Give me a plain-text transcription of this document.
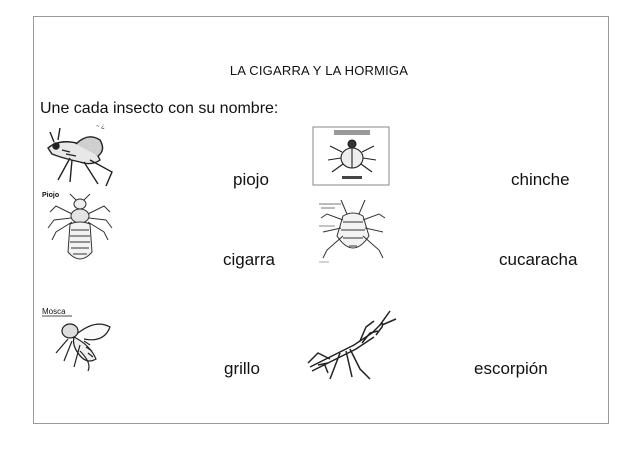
LA CIGARRA Y LA HORMIGA
Une cada insecto con su nombre:
piojo	chinche
cigarra	cucaracha
grillo	escorpión
~ ¿
Piojo
Mosca
